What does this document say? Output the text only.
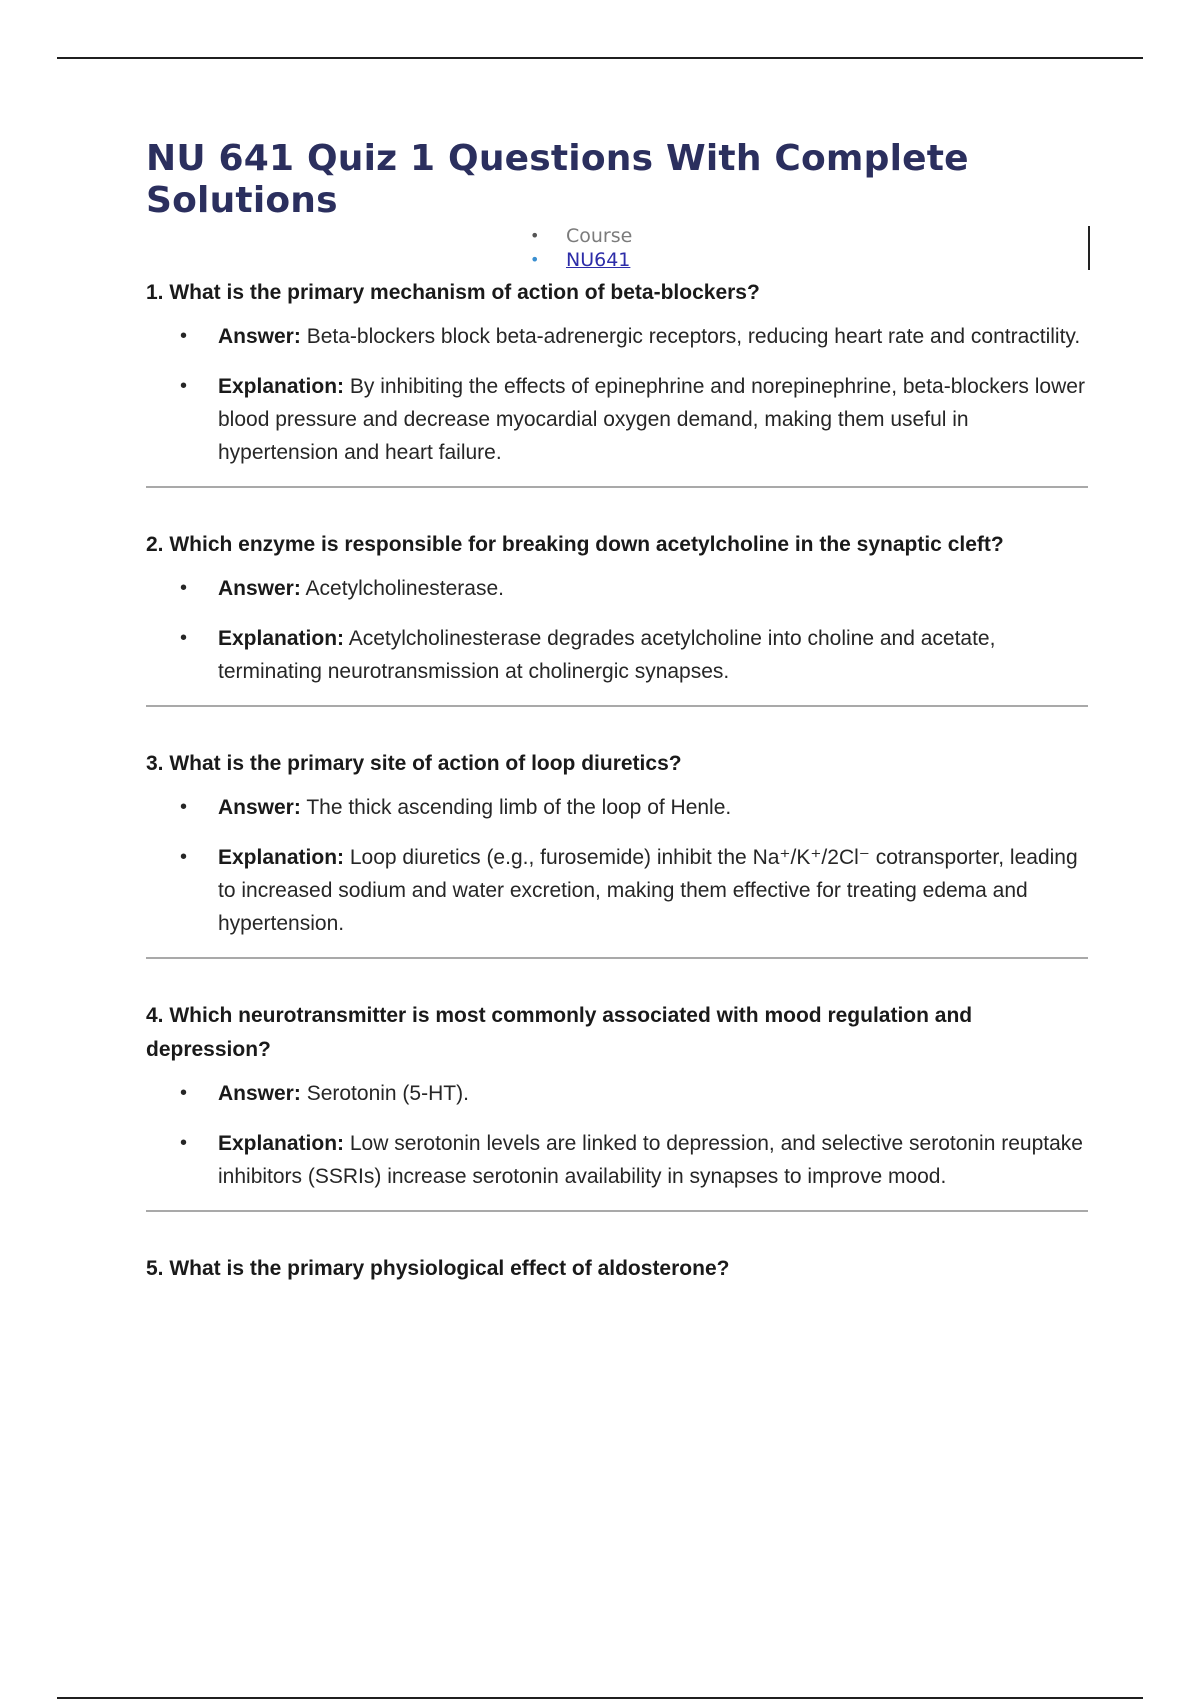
NU 641 Quiz 1 Questions With Complete Solutions
• Course
• NU641

1. What is the primary mechanism of action of beta-blockers?

• Answer: Beta-blockers block beta-adrenergic receptors, reducing heart rate and contractility.
• Explanation: By inhibiting the effects of epinephrine and norepinephrine, beta-blockers lower blood pressure and decrease myocardial oxygen demand, making them useful in hypertension and heart failure.

2. Which enzyme is responsible for breaking down acetylcholine in the synaptic cleft?

• Answer: Acetylcholinesterase.
• Explanation: Acetylcholinesterase degrades acetylcholine into choline and acetate, terminating neurotransmission at cholinergic synapses.

3. What is the primary site of action of loop diuretics?

• Answer: The thick ascending limb of the loop of Henle.
• Explanation: Loop diuretics (e.g., furosemide) inhibit the Na⁺/K⁺/2Cl⁻ cotransporter, leading to increased sodium and water excretion, making them effective for treating edema and hypertension.

4. Which neurotransmitter is most commonly associated with mood regulation and depression?

• Answer: Serotonin (5-HT).
• Explanation: Low serotonin levels are linked to depression, and selective serotonin reuptake inhibitors (SSRIs) increase serotonin availability in synapses to improve mood.

5. What is the primary physiological effect of aldosterone?
